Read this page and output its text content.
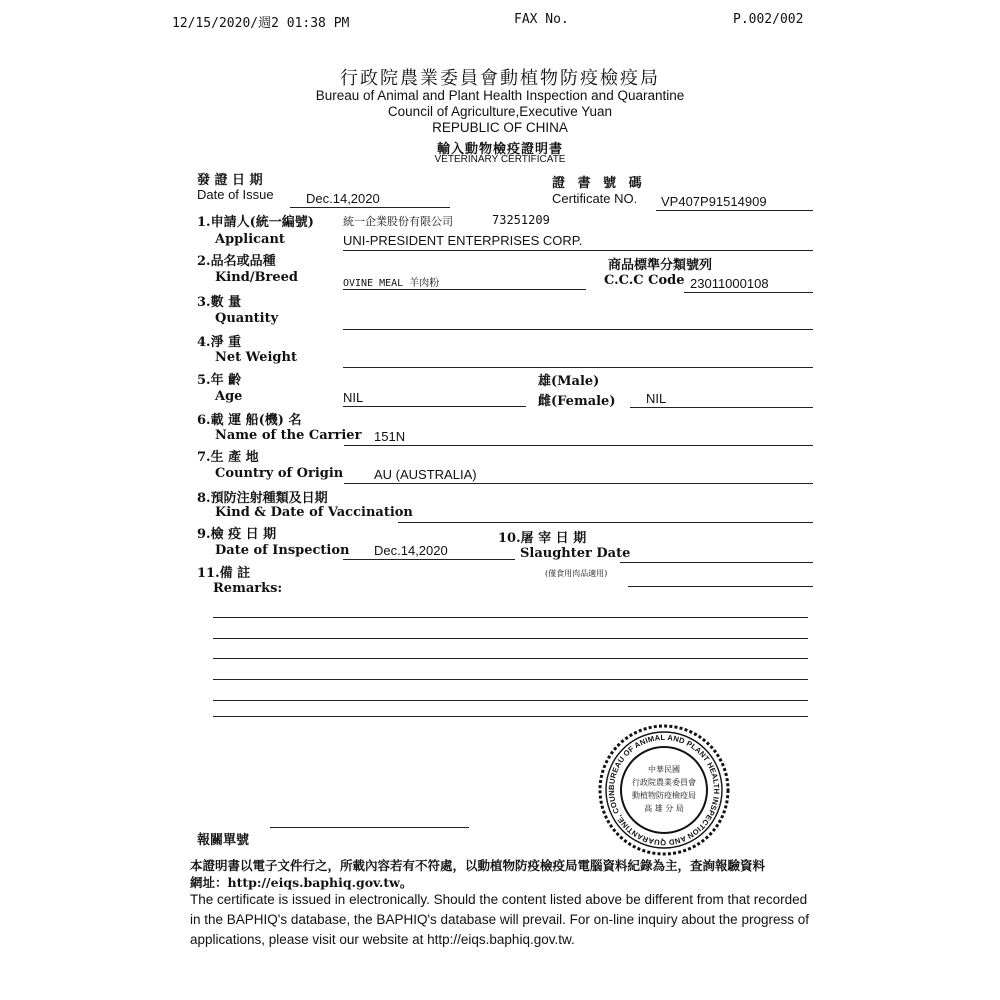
12/15/2020/週2 01:38 PM	FAX No.	P.002/002
行政院農業委員會動植物防疫檢疫局
Bureau of Animal and Plant Health Inspection and Quarantine
Council of Agriculture,Executive Yuan
REPUBLIC OF CHINA
輸入動物檢疫證明書
VETERINARY CERTIFICATE
發 證 日 期
Date of Issue Dec.14,2020
證 書 號 碼
Certificate NO. VP407P91514909
1.申請人(統一編號)
Applicant
統一企業股份有限公司	73251209
UNI-PRESIDENT ENTERPRISES CORP.
2.品名或品種
Kind/Breed	OVINE MEAL 羊肉粉
商品標準分類號列
C.C.C Code 23011000108
3.數 量
Quantity
4.淨 重
Net Weight
5.年 齡
Age	NIL
雄(Male)
雌(Female) NIL
6.載 運 船(機) 名
Name of the Carrier 151N
7.生 產 地
Country of Origin AU (AUSTRALIA)
8.預防注射種類及日期
Kind & Date of Vaccination
9.檢 疫 日 期
Date of Inspection Dec.14,2020
10.屠 宰 日 期
Slaughter Date
(僅食用肉品適用)
11.備 註
Remarks:
BUREAU OF ANIMAL AND PLANT HEALTH INSPECTION AND QUARANTINE, COUN
中華民國
行政院農業委員會
動植物防疫檢疫局
高 雄 分 局
報關單號
本證明書以電子文件行之，所載內容若有不符處，以動植物防疫檢疫局電腦資料紀錄為主，查詢報驗資料
網址：http://eiqs.baphiq.gov.tw。
The certificate is issued in electronically. Should the content listed above be different from that recorded in the BAPHIQ's database, the BAPHIQ's database will prevail. For on-line inquiry about the progress of applications, please visit our website at http://eiqs.baphiq.gov.tw.
